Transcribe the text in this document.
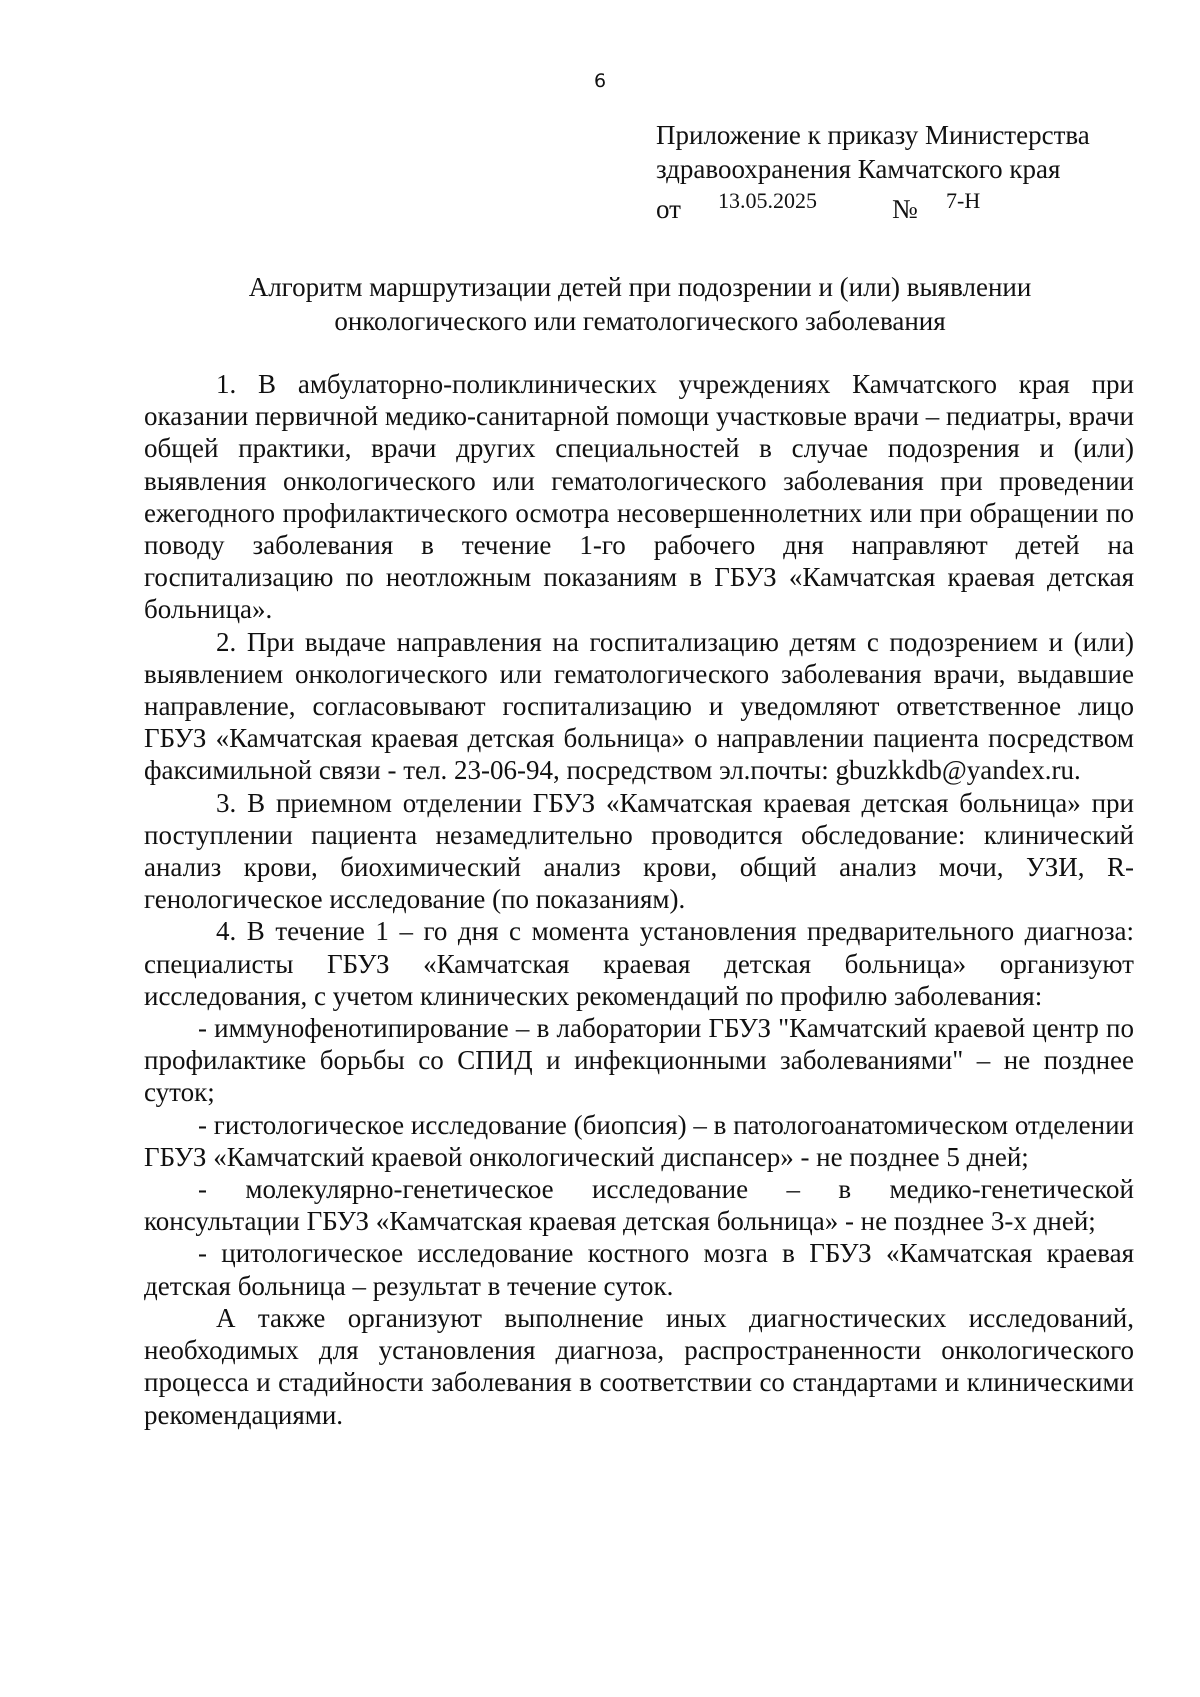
6
Приложение к приказу Министерства
здравоохранения Камчатского края
от 13.05.2025	№ 7-Н
Алгоритм маршрутизации детей при подозрении и (или) выявлении
онкологического или гематологического заболевания

1. В амбулаторно-поликлинических учреждениях Камчатского края при оказании первичной медико-санитарной помощи участковые врачи – педиатры, врачи общей практики, врачи других специальностей в случае подозрения и (или) выявления онкологического или гематологического заболевания при проведении ежегодного профилактического осмотра несовершеннолетних или при обращении по поводу заболевания в течение 1-го рабочего дня направляют детей на госпитализацию по неотложным показаниям в ГБУЗ «Камчатская краевая детская больница».

2. При выдаче направления на госпитализацию детям с подозрением и (или) выявлением онкологического или гематологического заболевания врачи, выдавшие направление, согласовывают госпитализацию и уведомляют ответственное лицо ГБУЗ «Камчатская краевая детская больница» о направлении пациента посредством факсимильной связи - тел. 23-06-94, посредством эл.почты: gbuzkkdb@yandex.ru.

3. В приемном отделении ГБУЗ «Камчатская краевая детская больница» при поступлении пациента незамедлительно проводится обследование: клинический анализ крови, биохимический анализ крови, общий анализ мочи, УЗИ, R-генологическое исследование (по показаниям).

4. В течение 1 – го дня с момента установления предварительного диагноза: специалисты ГБУЗ «Камчатская краевая детская больница» организуют исследования, с учетом клинических рекомендаций по профилю заболевания:

- иммунофенотипирование – в лаборатории ГБУЗ "Камчатский краевой центр по профилактике борьбы со СПИД и инфекционными заболеваниями" – не позднее суток;

- гистологическое исследование (биопсия) – в патологоанатомическом отделении ГБУЗ «Камчатский краевой онкологический диспансер» - не позднее 5 дней;

- молекулярно-генетическое исследование – в медико-генетической консультации ГБУЗ «Камчатская краевая детская больница» - не позднее 3-х дней;

- цитологическое исследование костного мозга в ГБУЗ «Камчатская краевая детская больница – результат в течение суток.

А также организуют выполнение иных диагностических исследований, необходимых для установления диагноза, распространенности онкологического процесса и стадийности заболевания в соответствии со стандартами и клиническими рекомендациями.
